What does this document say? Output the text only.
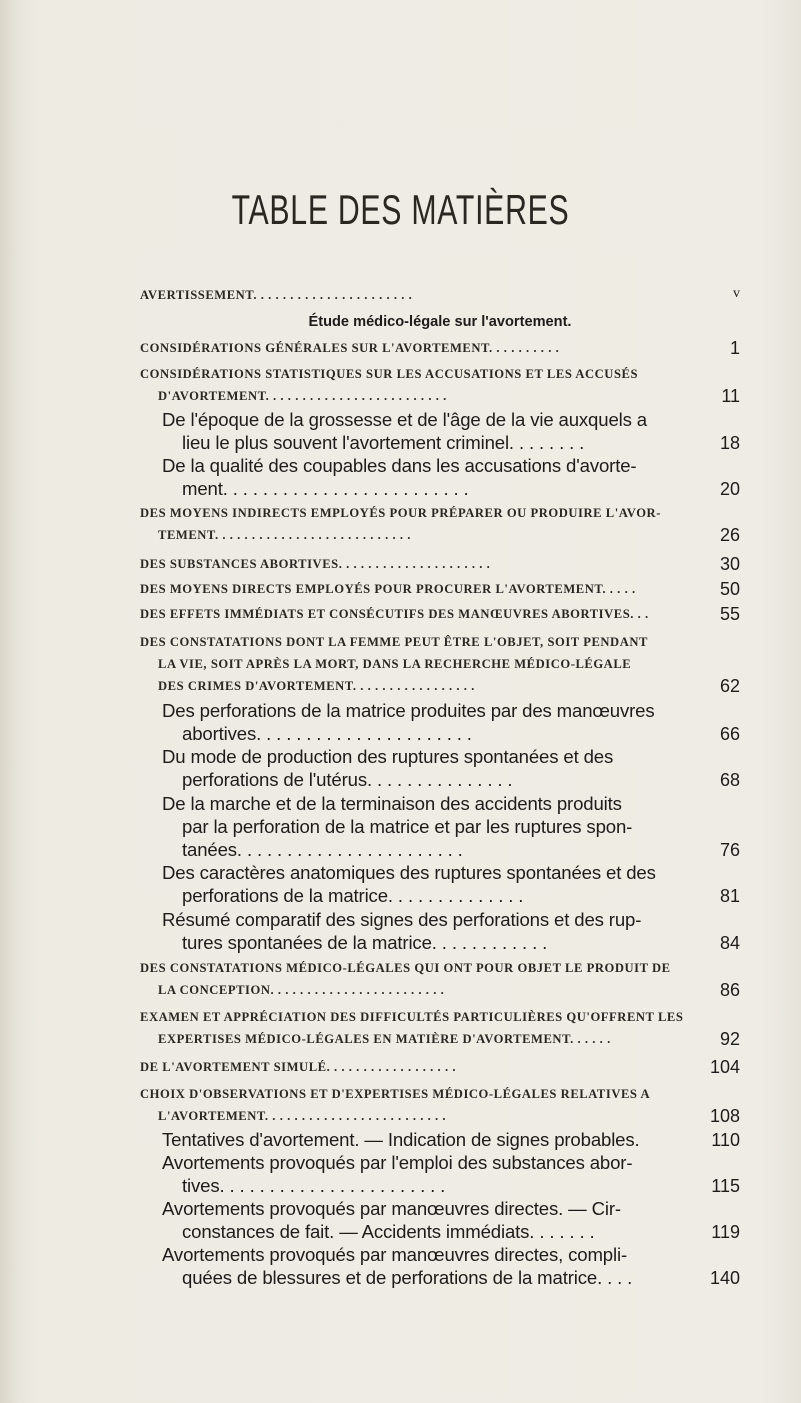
TABLE DES MATIÈRES
Étude médico-légale sur l'avortement.
AVERTISSEMENT. . . . . . . . . . . . . . . . . . . . . .	v
CONSIDÉRATIONS GÉNÉRALES SUR L'AVORTEMENT. . . . . . . . . .	1
CONSIDÉRATIONS STATISTIQUES SUR LES ACCUSATIONS ET LES ACCUSÉS
D'AVORTEMENT. . . . . . . . . . . . . . . . . . . . . . . . .	11
De l'époque de la grossesse et de l'âge de la vie auxquels a
lieu le plus souvent l'avortement criminel. . . . . . . .	18
De la qualité des coupables dans les accusations d'avorte-
ment. . . . . . . . . . . . . . . . . . . . . . . . .	20
DES MOYENS INDIRECTS EMPLOYÉS POUR PRÉPARER OU PRODUIRE L'AVOR-
TEMENT. . . . . . . . . . . . . . . . . . . . . . . . . . .	26
DES SUBSTANCES ABORTIVES. . . . . . . . . . . . . . . . . . . . .	30
DES MOYENS DIRECTS EMPLOYÉS POUR PROCURER L'AVORTEMENT. . . . .	50
DES EFFETS IMMÉDIATS ET CONSÉCUTIFS DES MANŒUVRES ABORTIVES. . .	55
DES CONSTATATIONS DONT LA FEMME PEUT ÊTRE L'OBJET, SOIT PENDANT
LA VIE, SOIT APRÈS LA MORT, DANS LA RECHERCHE MÉDICO-LÉGALE
DES CRIMES D'AVORTEMENT. . . . . . . . . . . . . . . . .	62
Des perforations de la matrice produites par des manœuvres
abortives. . . . . . . . . . . . . . . . . . . . . .	66
Du mode de production des ruptures spontanées et des
perforations de l'utérus. . . . . . . . . . . . . . .	68
De la marche et de la terminaison des accidents produits
par la perforation de la matrice et par les ruptures spon-
tanées. . . . . . . . . . . . . . . . . . . . . . .	76
Des caractères anatomiques des ruptures spontanées et des
perforations de la matrice. . . . . . . . . . . . . .	81
Résumé comparatif des signes des perforations et des rup-
tures spontanées de la matrice. . . . . . . . . . . .	84
DES CONSTATATIONS MÉDICO-LÉGALES QUI ONT POUR OBJET LE PRODUIT DE
LA CONCEPTION. . . . . . . . . . . . . . . . . . . . . . . .	86
EXAMEN ET APPRÉCIATION DES DIFFICULTÉS PARTICULIÈRES QU'OFFRENT LES
EXPERTISES MÉDICO-LÉGALES EN MATIÈRE D'AVORTEMENT. . . . . .	92
DE L'AVORTEMENT SIMULÉ. . . . . . . . . . . . . . . . . .	104
CHOIX D'OBSERVATIONS ET D'EXPERTISES MÉDICO-LÉGALES RELATIVES A
L'AVORTEMENT. . . . . . . . . . . . . . . . . . . . . . . . .	108
Tentatives d'avortement. — Indication de signes probables.	110
Avortements provoqués par l'emploi des substances abor-
tives. . . . . . . . . . . . . . . . . . . . . . .	115
Avortements provoqués par manœuvres directes. — Cir-
constances de fait. — Accidents immédiats. . . . . . .	119
Avortements provoqués par manœuvres directes, compli-
quées de blessures et de perforations de la matrice. . . .	140
